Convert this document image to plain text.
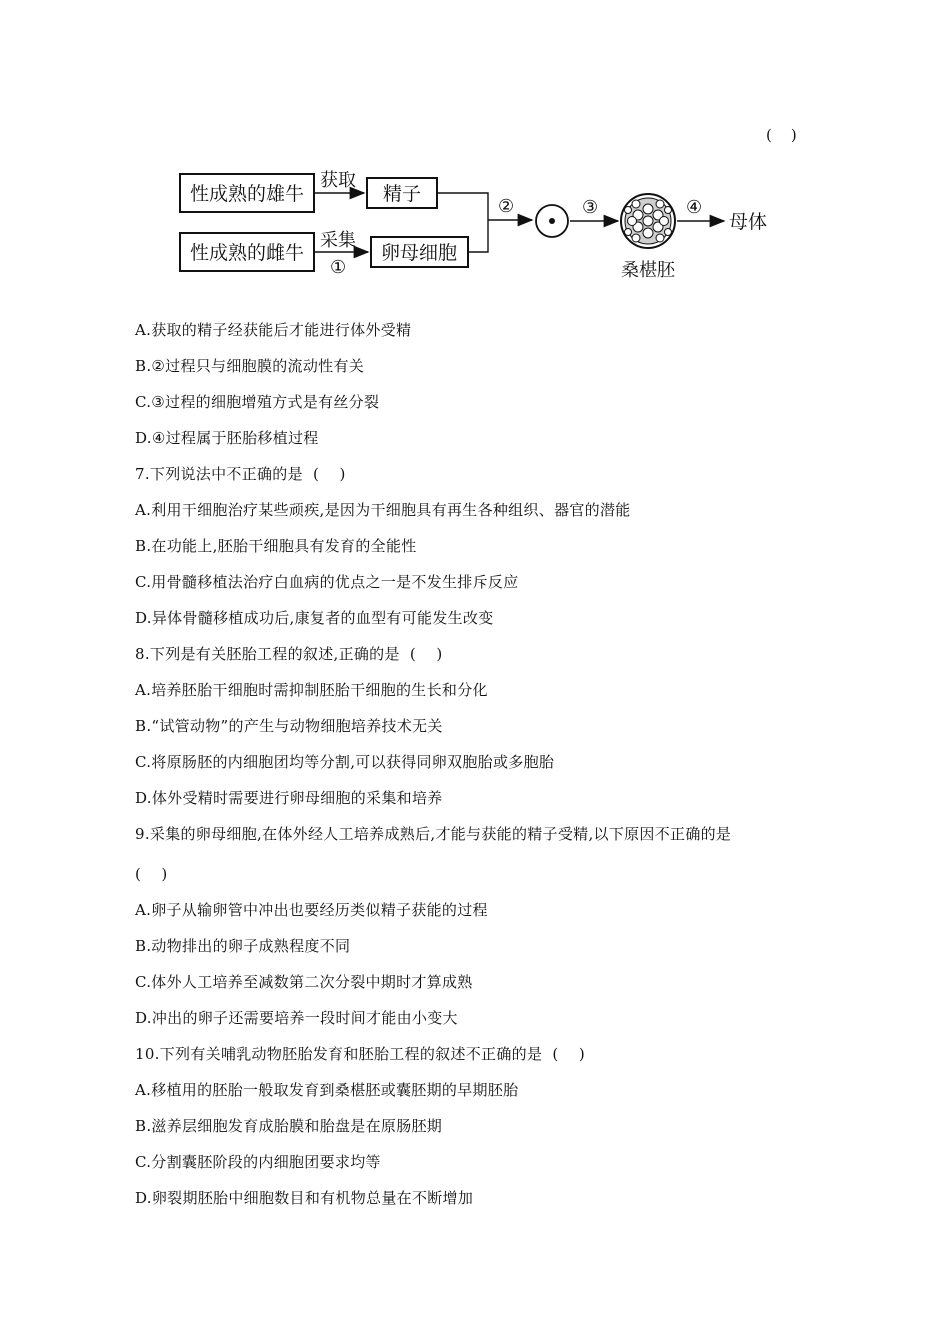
(    )
性成熟的雄牛
性成熟的雌牛
获取
采集
①
精子
卵母细胞
②	③
桑椹胚
④
母体
A.获取的精子经获能后才能进行体外受精
B.②过程只与细胞膜的流动性有关
C.③过程的细胞增殖方式是有丝分裂
D.④过程属于胚胎移植过程
7.下列说法中不正确的是  (    )
A.利用干细胞治疗某些顽疾,是因为干细胞具有再生各种组织、器官的潜能
B.在功能上,胚胎干细胞具有发育的全能性
C.用骨髓移植法治疗白血病的优点之一是不发生排斥反应
D.异体骨髓移植成功后,康复者的血型有可能发生改变
8.下列是有关胚胎工程的叙述,正确的是  (    )
A.培养胚胎干细胞时需抑制胚胎干细胞的生长和分化
B.“试管动物”的产生与动物细胞培养技术无关
C.将原肠胚的内细胞团均等分割,可以获得同卵双胞胎或多胞胎
D.体外受精时需要进行卵母细胞的采集和培养
9.采集的卵母细胞,在体外经人工培养成熟后,才能与获能的精子受精,以下原因不正确的是
(    )
A.卵子从输卵管中冲出也要经历类似精子获能的过程
B.动物排出的卵子成熟程度不同
C.体外人工培养至减数第二次分裂中期时才算成熟
D.冲出的卵子还需要培养一段时间才能由小变大
10.下列有关哺乳动物胚胎发育和胚胎工程的叙述不正确的是  (    )
A.移植用的胚胎一般取发育到桑椹胚或囊胚期的早期胚胎
B.滋养层细胞发育成胎膜和胎盘是在原肠胚期
C.分割囊胚阶段的内细胞团要求均等
D.卵裂期胚胎中细胞数目和有机物总量在不断增加
